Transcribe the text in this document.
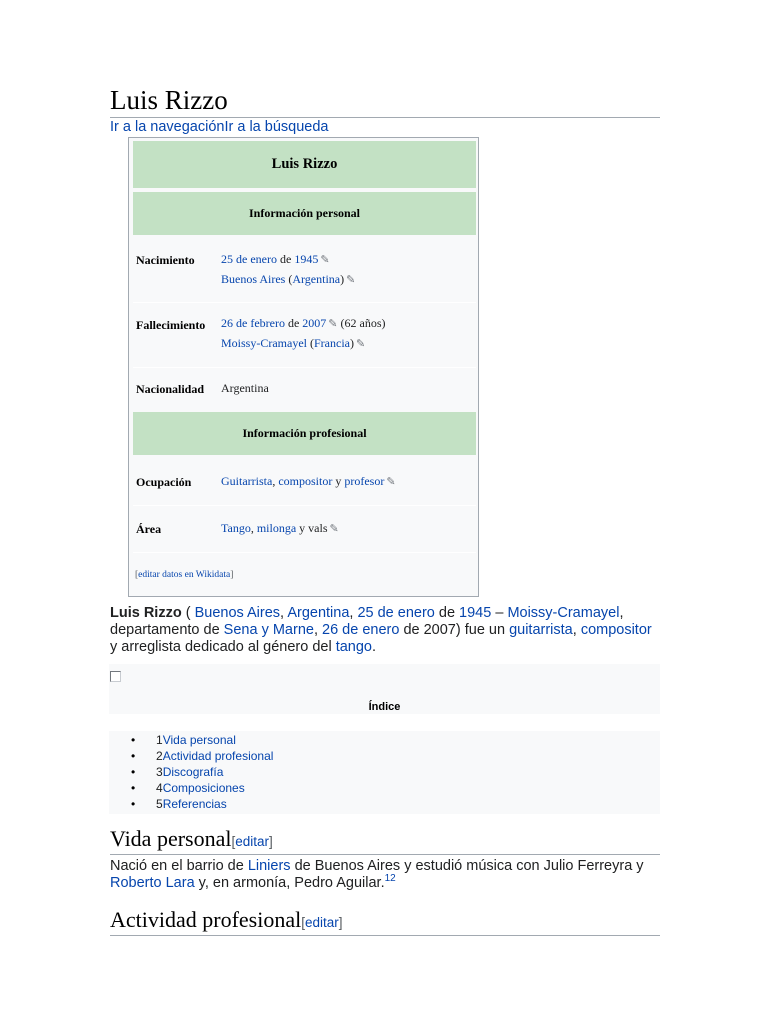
Luis Rizzo
Ir a la navegaciónIr a la búsqueda
Luis Rizzo
Información personal
Nacimiento 25 de enero de 1945 ✎
Buenos Aires (Argentina) ✎
Fallecimiento 26 de febrero de 2007 ✎ (62 años)
Moissy-Cramayel (Francia) ✎
Nacionalidad Argentina
Información profesional
Ocupación Guitarrista, compositor y profesor ✎
Área	Tango, milonga y vals ✎
[editar datos en Wikidata]
Luis Rizzo ( Buenos Aires, Argentina, 25 de enero de 1945 – Moissy-Cramayel, departamento de Sena y Marne, 26 de enero de 2007) fue un guitarrista, compositor y arreglista dedicado al género del tango.
Índice
• 1Vida personal
• 2Actividad profesional
• 3Discografía
• 4Composiciones
• 5Referencias
Vida personal[editar]
Nació en el barrio de Liniers de Buenos Aires y estudió música con Julio Ferreyra y Roberto Lara y, en armonía, Pedro Aguilar.$^{12}$
Actividad profesional[editar]
